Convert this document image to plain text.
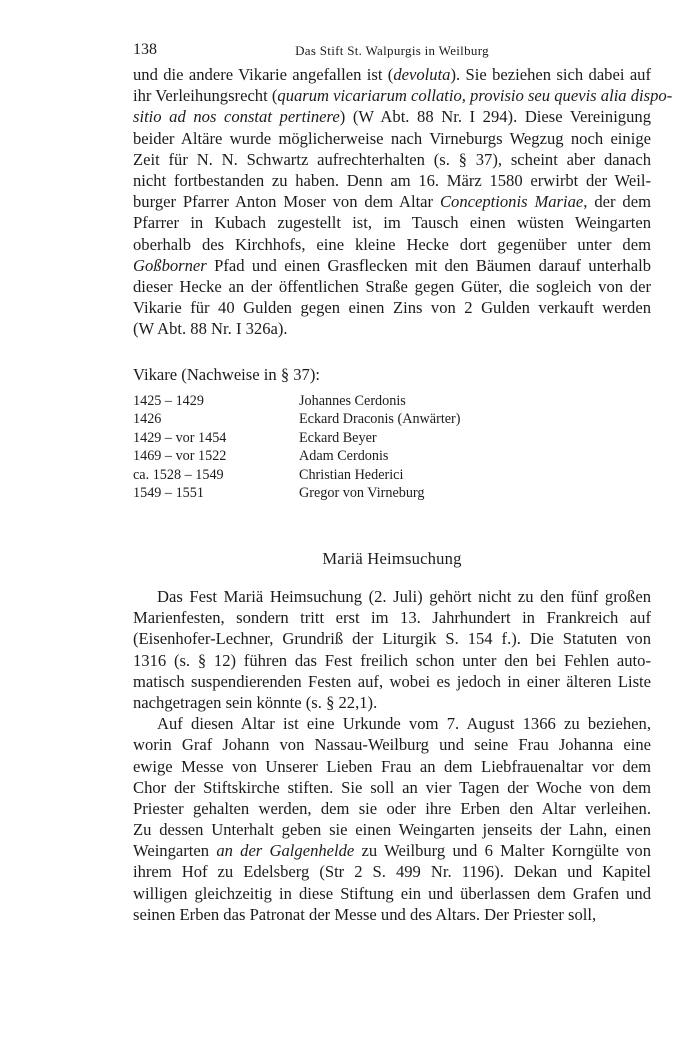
138	Das Stift St. Walpurgis in Weilburg
und die andere Vikarie angefallen ist (devoluta). Sie beziehen sich dabei auf
ihr Verleihungsrecht (quarum vicariarum collatio, provisio seu quevis alia dispo-
sitio ad nos constat pertinere) (W Abt. 88 Nr. I 294). Diese Vereinigung
beider Altäre wurde möglicherweise nach Virneburgs Wegzug noch einige
Zeit für N. N. Schwartz aufrechterhalten (s. § 37), scheint aber danach
nicht fortbestanden zu haben. Denn am 16. März 1580 erwirbt der Weil-
burger Pfarrer Anton Moser von dem Altar Conceptionis Mariae, der dem
Pfarrer in Kubach zugestellt ist, im Tausch einen wüsten Weingarten
oberhalb des Kirchhofs, eine kleine Hecke dort gegenüber unter dem
Goßborner Pfad und einen Grasflecken mit den Bäumen darauf unterhalb
dieser Hecke an der öffentlichen Straße gegen Güter, die sogleich von der
Vikarie für 40 Gulden gegen einen Zins von 2 Gulden verkauft werden
(W Abt. 88 Nr. I 326a).
Vikare (Nachweise in § 37):
1425 – 1429	Johannes Cerdonis
1426	Eckard Draconis (Anwärter)
1429 – vor 1454	Eckard Beyer
1469 – vor 1522	Adam Cerdonis
ca. 1528 – 1549	Christian Hederici
1549 – 1551	Gregor von Virneburg
Mariä Heimsuchung
Das Fest Mariä Heimsuchung (2. Juli) gehört nicht zu den fünf großen
Marienfesten, sondern tritt erst im 13. Jahrhundert in Frankreich auf
(Eisenhofer-Lechner, Grundriß der Liturgik S. 154 f.). Die Statuten von
1316 (s. § 12) führen das Fest freilich schon unter den bei Fehlen auto-
matisch suspendierenden Festen auf, wobei es jedoch in einer älteren Liste
nachgetragen sein könnte (s. § 22,1).
Auf diesen Altar ist eine Urkunde vom 7. August 1366 zu beziehen,
worin Graf Johann von Nassau-Weilburg und seine Frau Johanna eine
ewige Messe von Unserer Lieben Frau an dem Liebfrauenaltar vor dem
Chor der Stiftskirche stiften. Sie soll an vier Tagen der Woche von dem
Priester gehalten werden, dem sie oder ihre Erben den Altar verleihen.
Zu dessen Unterhalt geben sie einen Weingarten jenseits der Lahn, einen
Weingarten an der Galgenhelde zu Weilburg und 6 Malter Korngülte von
ihrem Hof zu Edelsberg (Str 2 S. 499 Nr. 1196). Dekan und Kapitel
willigen gleichzeitig in diese Stiftung ein und überlassen dem Grafen und
seinen Erben das Patronat der Messe und des Altars. Der Priester soll,
